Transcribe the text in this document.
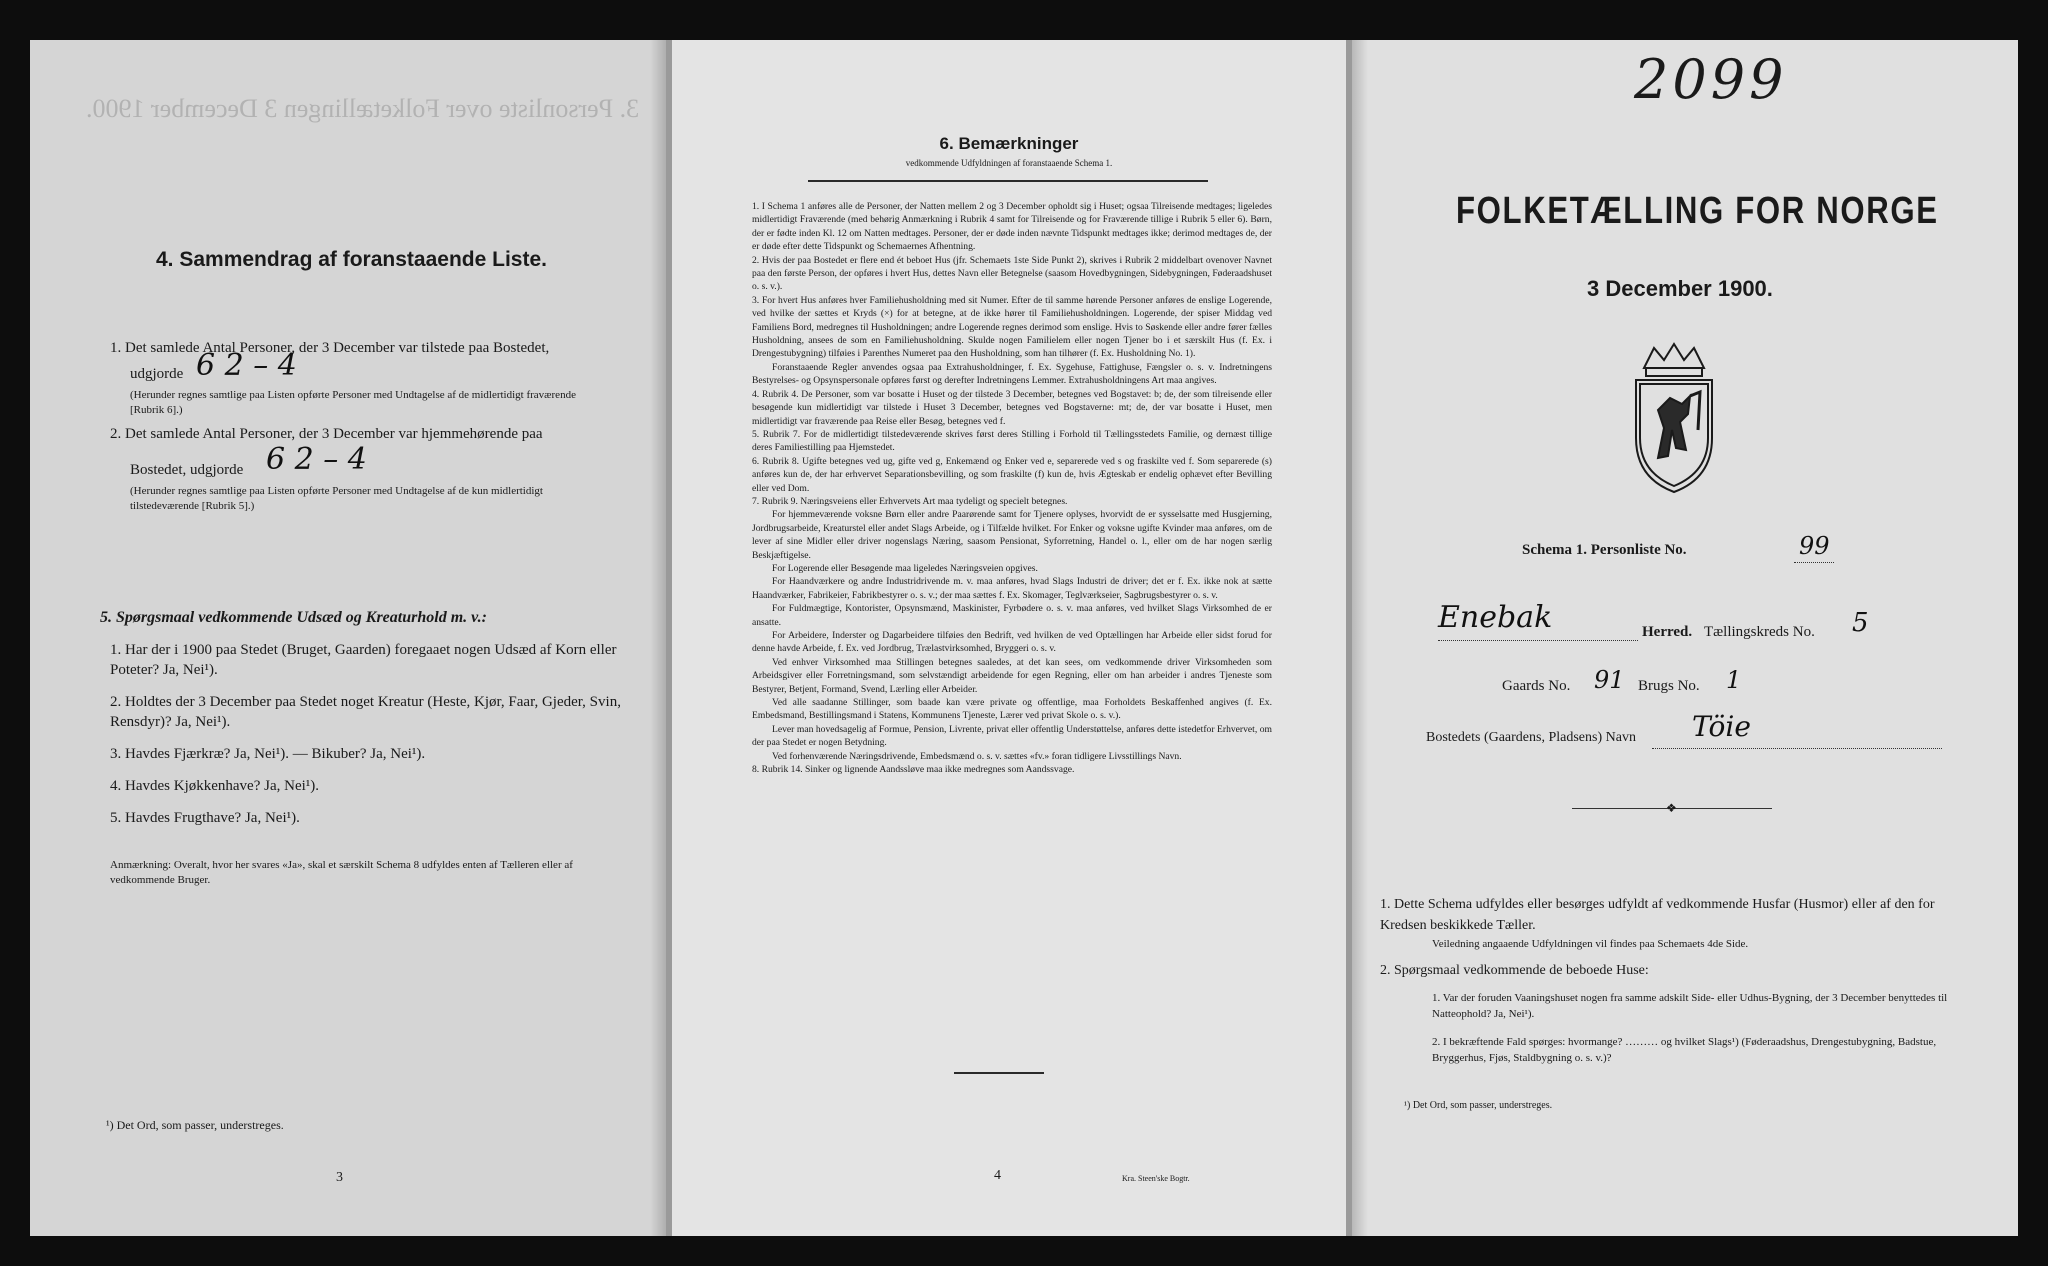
3. Personliste over Folketællingen 3 December 1900.
4. Sammendrag af foranstaaende Liste.
1. Det samlede Antal Personer, der 3 December var tilstede paa Bostedet,
udgjorde 6 2 – 4
(Herunder regnes samtlige paa Listen opførte Personer med Undtagelse af de midlertidigt fraværende [Rubrik 6].)
2. Det samlede Antal Personer, der 3 December var hjemmehørende paa
Bostedet, udgjorde 6 2 – 4
(Herunder regnes samtlige paa Listen opførte Personer med Undtagelse af de kun midlertidigt tilstedeværende [Rubrik 5].)
5. Spørgsmaal vedkommende Udsæd og Kreaturhold m. v.:
1. Har der i 1900 paa Stedet (Bruget, Gaarden) foregaaet nogen Udsæd af Korn eller Poteter? Ja, Nei¹).
2. Holdtes der 3 December paa Stedet noget Kreatur (Heste, Kjør, Faar, Gjeder, Svin, Rensdyr)? Ja, Nei¹).
3. Havdes Fjærkræ? Ja, Nei¹). — Bikuber? Ja, Nei¹).
4. Havdes Kjøkkenhave? Ja, Nei¹).
5. Havdes Frugthave? Ja, Nei¹).
Anmærkning: Overalt, hvor her svares «Ja», skal et særskilt Schema 8 udfyldes enten af Tælleren eller af vedkommende Bruger.
¹) Det Ord, som passer, understreges.
3
6. Bemærkninger
vedkommende Udfyldningen af foranstaaende Schema 1.

1. I Schema 1 anføres alle de Personer, der Natten mellem 2 og 3 December opholdt sig i Huset; ogsaa Tilreisende medtages; ligeledes midlertidigt Fraværende (med behørig Anmærkning i Rubrik 4 samt for Tilreisende og for Fraværende tillige i Rubrik 5 eller 6). Børn, der er fødte inden Kl. 12 om Natten medtages. Personer, der er døde inden nævnte Tidspunkt medtages ikke; derimod medtages de, der er døde efter dette Tidspunkt og Schemaernes Afhentning.

2. Hvis der paa Bostedet er flere end ét beboet Hus (jfr. Schemaets 1ste Side Punkt 2), skrives i Rubrik 2 middelbart ovenover Navnet paa den første Person, der opføres i hvert Hus, dettes Navn eller Betegnelse (saasom Hovedbygningen, Sidebygningen, Føderaadshuset o. s. v.).

3. For hvert Hus anføres hver Familiehusholdning med sit Numer. Efter de til samme hørende Personer anføres de enslige Logerende, ved hvilke der sættes et Kryds (×) for at betegne, at de ikke hører til Familiehusholdningen. Logerende, der spiser Middag ved Familiens Bord, medregnes til Husholdningen; andre Logerende regnes derimod som enslige. Hvis to Søskende eller andre fører fælles Husholdning, ansees de som en Familiehusholdning. Skulde nogen Familielem eller nogen Tjener bo i et særskilt Hus (f. Ex. i Drengestubygning) tilføies i Parenthes Numeret paa den Husholdning, som han tilhører (f. Ex. Husholdning No. 1).

Foranstaaende Regler anvendes ogsaa paa Extrahusholdninger, f. Ex. Sygehuse, Fattighuse, Fængsler o. s. v. Indretningens Bestyrelses- og Opsynspersonale opføres først og derefter Indretningens Lemmer. Extrahusholdningens Art maa angives.

4. Rubrik 4. De Personer, som var bosatte i Huset og der tilstede 3 December, betegnes ved Bogstavet: b; de, der som tilreisende eller besøgende kun midlertidigt var tilstede i Huset 3 December, betegnes ved Bogstaverne: mt; de, der var bosatte i Huset, men midlertidigt var fraværende paa Reise eller Besøg, betegnes ved f.

5. Rubrik 7. For de midlertidigt tilstedeværende skrives først deres Stilling i Forhold til Tællingsstedets Familie, og dernæst tillige deres Familiestilling paa Hjemstedet.

6. Rubrik 8. Ugifte betegnes ved ug, gifte ved g, Enkemænd og Enker ved e, separerede ved s og fraskilte ved f. Som separerede (s) anføres kun de, der har erhvervet Separationsbevilling, og som fraskilte (f) kun de, hvis Ægteskab er endelig ophævet efter Bevilling eller ved Dom.

7. Rubrik 9. Næringsveiens eller Erhvervets Art maa tydeligt og specielt betegnes.

For hjemmeværende voksne Børn eller andre Paarørende samt for Tjenere oplyses, hvorvidt de er sysselsatte med Husgjerning, Jordbrugsarbeide, Kreaturstel eller andet Slags Arbeide, og i Tilfælde hvilket. For Enker og voksne ugifte Kvinder maa anføres, om de lever af sine Midler eller driver nogenslags Næring, saasom Pensionat, Syforretning, Handel o. l., eller om de har nogen særlig Beskjæftigelse.

For Logerende eller Besøgende maa ligeledes Næringsveien opgives.

For Haandværkere og andre Industridrivende m. v. maa anføres, hvad Slags Industri de driver; det er f. Ex. ikke nok at sætte Haandværker, Fabrikeier, Fabrikbestyrer o. s. v.; der maa sættes f. Ex. Skomager, Teglværkseier, Sagbrugsbestyrer o. s. v.

For Fuldmægtige, Kontorister, Opsynsmænd, Maskinister, Fyrbødere o. s. v. maa anføres, ved hvilket Slags Virksomhed de er ansatte.

For Arbeidere, Inderster og Dagarbeidere tilføies den Bedrift, ved hvilken de ved Optællingen har Arbeide eller sidst forud for denne havde Arbeide, f. Ex. ved Jordbrug, Trælastvirksomhed, Bryggeri o. s. v.

Ved enhver Virksomhed maa Stillingen betegnes saaledes, at det kan sees, om vedkommende driver Virksomheden som Arbeidsgiver eller Forretningsmand, som selvstændigt arbeidende for egen Regning, eller om han arbeider i andres Tjeneste som Bestyrer, Betjent, Formand, Svend, Lærling eller Arbeider.

Ved alle saadanne Stillinger, som baade kan være private og offentlige, maa Forholdets Beskaffenhed angives (f. Ex. Embedsmand, Bestillingsmand i Statens, Kommunens Tjeneste, Lærer ved privat Skole o. s. v.).

Lever man hovedsagelig af Formue, Pension, Livrente, privat eller offentlig Understøttelse, anføres dette istedetfor Erhvervet, om der paa Stedet er nogen Betydning.

Ved forhenværende Næringsdrivende, Embedsmænd o. s. v. sættes «fv.» foran tidligere Livsstillings Navn.

8. Rubrik 14. Sinker og lignende Aandssløve maa ikke medregnes som Aandssvage.

4	Kra. Steen'ske Bogtr.
2099
FOLKETÆLLING FOR NORGE
3 December 1900.
Schema 1. Personliste No.	99
Enebak	Herred. Tællingskreds No. 5
Gaards No. 91 Brugs No. 1
Bostedets (Gaardens, Pladsens) Navn Töie
❖
1. Dette Schema udfyldes eller besørges udfyldt af vedkommende Husfar (Husmor) eller af den for Kredsen beskikkede Tæller.
Veiledning angaaende Udfyldningen vil findes paa Schemaets 4de Side.
2. Spørgsmaal vedkommende de beboede Huse:
1. Var der foruden Vaaningshuset nogen fra samme adskilt Side- eller Udhus-Bygning, der 3 December benyttedes til Natteophold? Ja, Nei¹).
2. I bekræftende Fald spørges: hvormange? ……… og hvilket Slags¹) (Føderaadshus, Drengestubygning, Badstue, Bryggerhus, Fjøs, Staldbygning o. s. v.)?
¹) Det Ord, som passer, understreges.
